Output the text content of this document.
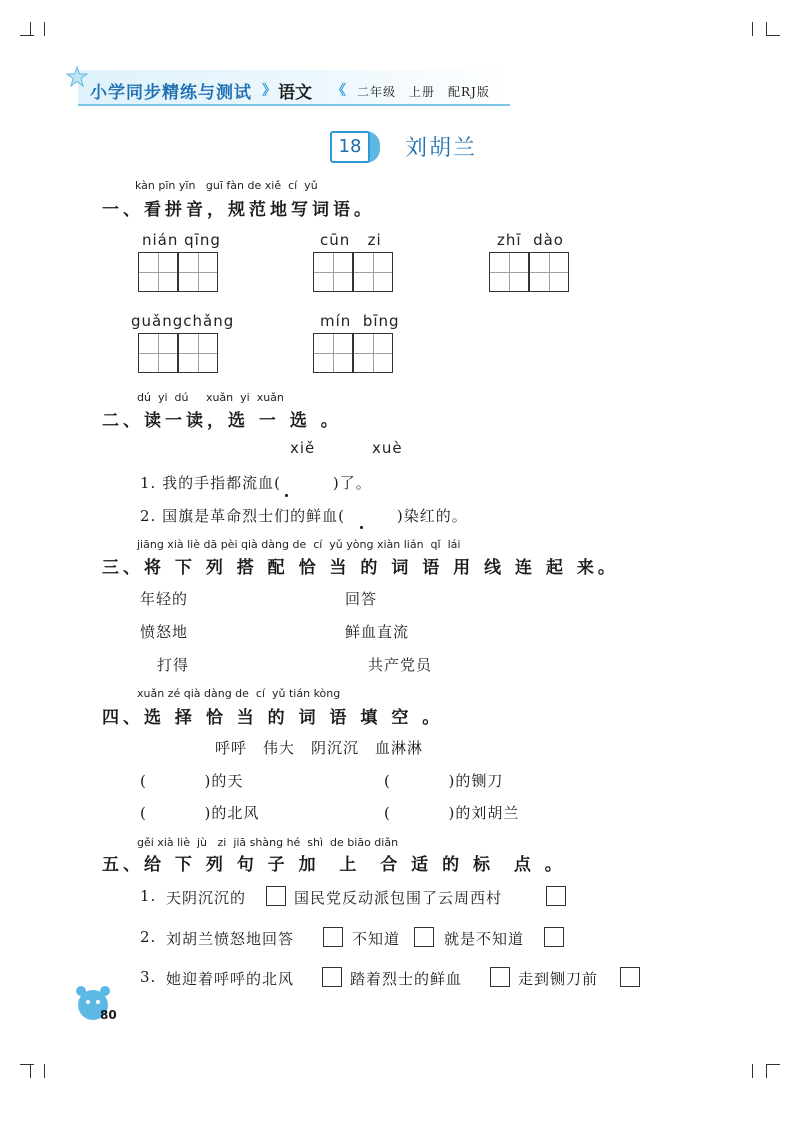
小学同步精练与测试 》 语文 《 二年级　上册　配RJ版
18	刘胡兰
kàn pīn yīn   guī fàn de xiě  cí  yǔ
一、看拼音，规范地写词语。
nián qīng	cūn   zi	zhī  dào
guǎngchǎng	mín  bīng
dú  yi  dú     xuǎn  yi  xuǎn
二、读一读，选 一 选 。
xiě	xuè
1. 我的手指都流血(         )了。
2. 国旗是革命烈士们的鲜血(         )染红的。
jiāng xià liè dā pèi qià dàng de  cí  yǔ yòng xiàn lián  qǐ  lái
三、将 下 列 搭 配 恰 当 的 词 语 用 线 连 起 来。
年轻的
愤怒地
打得
回答
鲜血直流
共产党员
xuǎn zé qià dàng de  cí  yǔ tián kòng
四、选 择 恰 当 的 词 语 填 空 。
呼呼　伟大　阴沉沉　血淋淋
(          )的天	(          )的铡刀
(          )的北风	(          )的刘胡兰
gěi xià liè  jù   zi  jiā shàng hé  shì  de biāo diǎn
五、给 下 列 句 子 加  上  合 适 的 标  点 。
1. 天阴沉沉的	国民党反动派包围了云周西村
2. 刘胡兰愤怒地回答	不知道	就是不知道
3. 她迎着呼呼的北风	踏着烈士的鲜血	走到铡刀前
80
